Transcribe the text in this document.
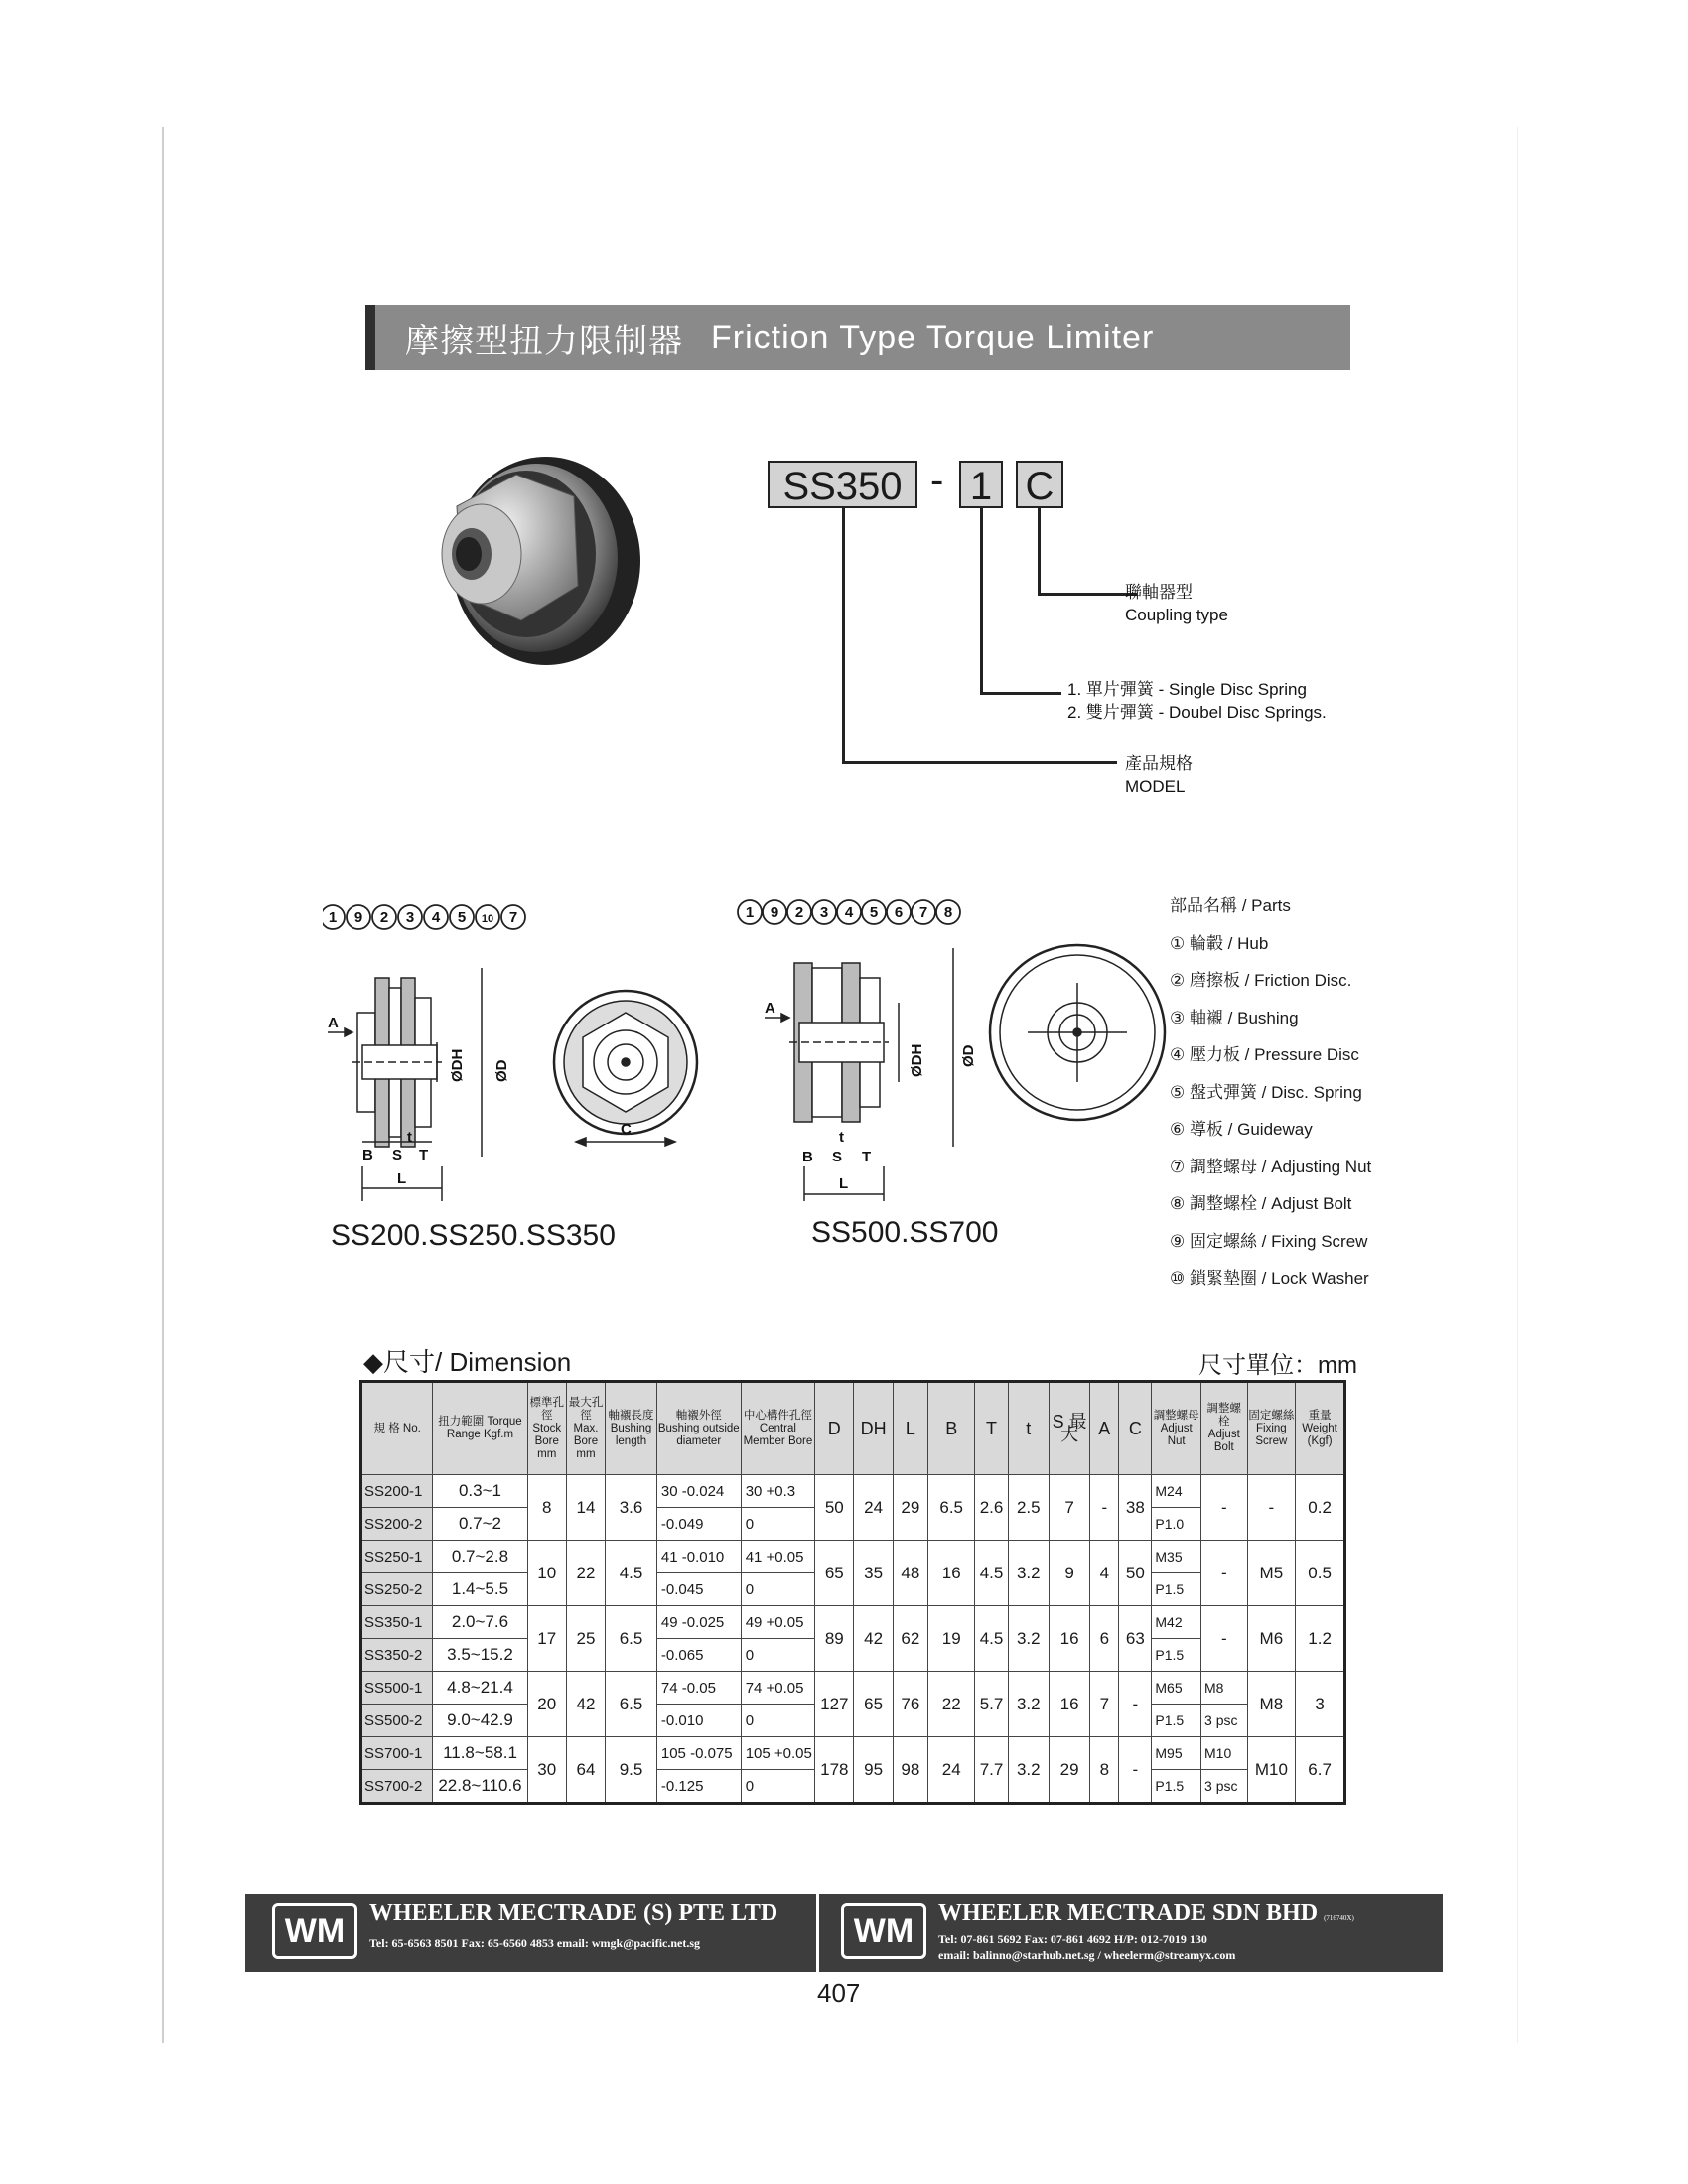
摩擦型扭力限制器 Friction Type Torque Limiter
SS350 - 1 C
聯軸器型
Coupling type
1. 單片彈簧 - Single Disc Spring
2. 雙片彈簧 - Doubel Disc Springs.
產品規格
MODEL
1 9 2 3 4 5 10 7
A
B S T
L
t	C
ØDH ØD
SS200.SS250.SS350
1 9 2 3 4 5 6 7 8
A
B S T
L
t
ØDH ØD
SS500.SS700
部品名稱 / Parts
① 輪轂 / Hub
② 磨擦板 / Friction Disc.
③ 軸襯 / Bushing
④ 壓力板 / Pressure Disc
⑤ 盤式彈簧 / Disc. Spring
⑥ 導板 / Guideway
⑦ 調整螺母 / Adjusting Nut
⑧ 調整螺栓 / Adjust Bolt
⑨ 固定螺絲 / Fixing Screw
⑩ 鎖緊墊圈 / Lock Washer
◆尺寸/ Dimension	尺寸單位：mm
規 格 No.	扭力範圍 Torque Range Kgf.m	標準孔徑 Stock Bore mm	最大孔徑 Max. Bore mm	軸襯長度 Bushing length	軸襯外徑 Bushing outside diameter	中心構件孔徑 Central Member Bore	D	DH	L	B	T	t	S 最大	A	C	調整螺母 Adjust Nut	調整螺栓 Adjust Bolt	固定螺絲 Fixing Screw	重量 Weight (Kgf)
SS200-1	0.3~1	8	14	3.6	30 -0.024	30 +0.3	50	24	29	6.5	2.6	2.5	7	-	38	M24	-	-	0.2
SS200-2	0.7~2				-0.049	0										P1.0			
SS250-1	0.7~2.8	10	22	4.5	41 -0.010	41 +0.05	65	35	48	16	4.5	3.2	9	4	50	M35	-	M5	0.5
SS250-2	1.4~5.5				-0.045	0										P1.5			
SS350-1	2.0~7.6	17	25	6.5	49 -0.025	49 +0.05	89	42	62	19	4.5	3.2	16	6	63	M42	-	M6	1.2
SS350-2	3.5~15.2				-0.065	0										P1.5			
SS500-1	4.8~21.4	20	42	6.5	74 -0.05	74 +0.05	127	65	76	22	5.7	3.2	16	7	-	M65	M8	M8	3
SS500-2	9.0~42.9				-0.010	0										P1.5	3 psc		
SS700-1	11.8~58.1	30	64	9.5	105 -0.075	105 +0.05	178	95	98	24	7.7	3.2	29	8	-	M95	M10	M10	6.7
SS700-2	22.8~110.6				-0.125	0										P1.5	3 psc		
WM	WHEELER MECTRADE (S) PTE LTD
Tel: 65-6563 8501 Fax: 65-6560 4853 email: wmgk@pacific.net.sg	WM	WHEELER MECTRADE SDN BHD (716740X)
Tel: 07-861 5692 Fax: 07-861 4692 H/P: 012-7019 130
email: balinno@starhub.net.sg / wheelerm@streamyx.com
407
